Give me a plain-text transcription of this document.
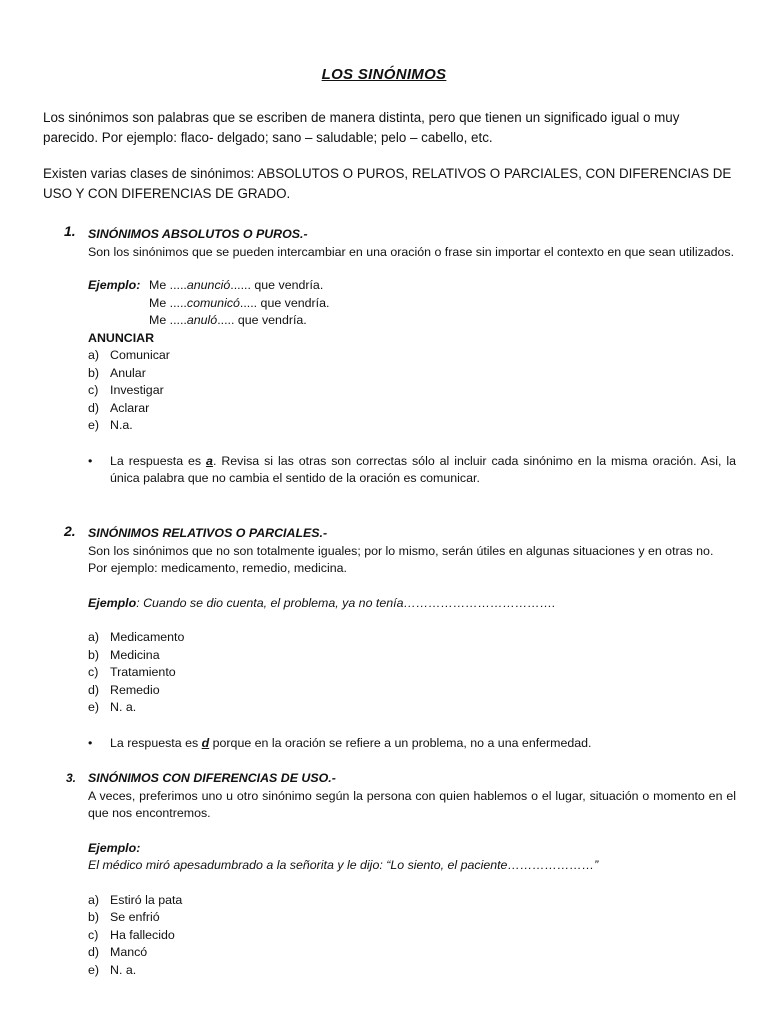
LOS SINÓNIMOS
Los sinónimos son palabras que se escriben de manera distinta, pero que tienen un significado igual o muy parecido. Por ejemplo: flaco- delgado; sano – saludable; pelo – cabello, etc.
Existen varias clases de sinónimos: ABSOLUTOS O PUROS, RELATIVOS O PARCIALES, CON DIFERENCIAS DE USO Y CON DIFERENCIAS DE GRADO.
1. SINÓNIMOS ABSOLUTOS O PUROS.-
Son los sinónimos que se pueden intercambiar en una oración o frase sin importar el contexto en que sean utilizados.
Ejemplo: Me .....anunció...... que vendría.
Me .....comunicó..... que vendría.
Me .....anuló..... que vendría.
ANUNCIAR
a) Comunicar
b) Anular
c) Investigar
d) Aclarar
e) N.a.
•	La respuesta es a. Revisa si las otras son correctas sólo al incluir cada sinónimo en la misma oración. Asi, la única palabra que no cambia el sentido de la oración es comunicar.
2. SINÓNIMOS RELATIVOS O PARCIALES.-
Son los sinónimos que no son totalmente iguales; por lo mismo, serán útiles en algunas situaciones y en otras no. Por ejemplo: medicamento, remedio, medicina.
Ejemplo: Cuando se dio cuenta, el problema, ya no tenía……………………………….
a) Medicamento
b) Medicina
c) Tratamiento
d) Remedio
e) N. a.
•	La respuesta es d porque en la oración se refiere a un problema, no a una enfermedad.
3. SINÓNIMOS CON DIFERENCIAS DE USO.-
A veces, preferimos uno u otro sinónimo según la persona con quien hablemos o el lugar, situación o momento en el que nos encontremos.
Ejemplo:
El médico miró apesadumbrado a la señorita y le dijo: “Lo siento, el paciente…………………”
a) Estiró la pata
b) Se enfrió
c) Ha fallecido
d) Mancó
e) N. a.
